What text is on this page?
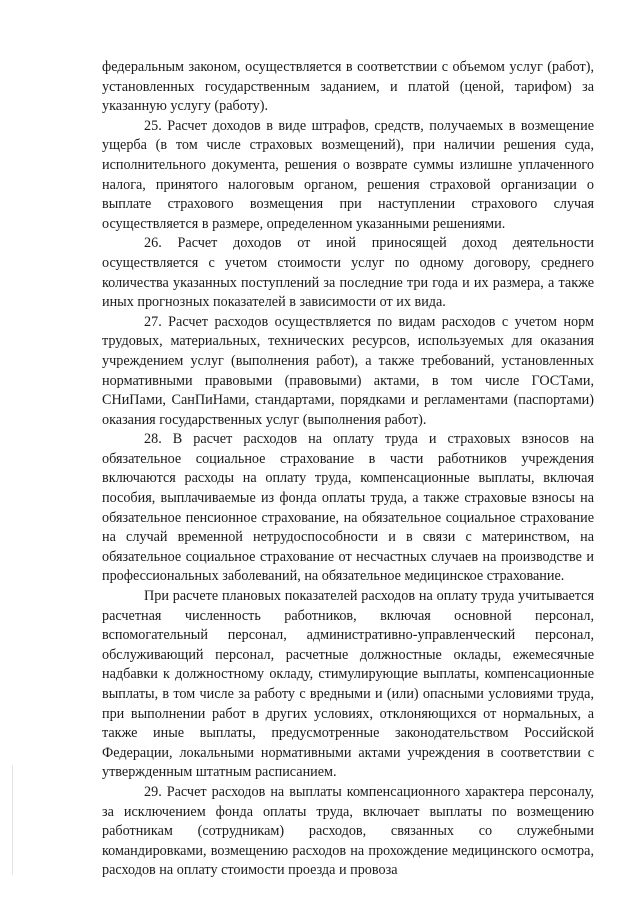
федеральным законом, осуществляется в соответствии с объемом услуг (работ), установленных государственным заданием, и платой (ценой, тарифом) за указанную услугу (работу).

25. Расчет доходов в виде штрафов, средств, получаемых в возмещение ущерба (в том числе страховых возмещений), при наличии решения суда, исполнительного документа, решения о возврате суммы излишне уплаченного налога, принятого налоговым органом, решения страховой организации о выплате страхового возмещения при наступлении страхового случая осуществляется в размере, определенном указанными решениями.

26. Расчет доходов от иной приносящей доход деятельности осуществляется с учетом стоимости услуг по одному договору, среднего количества указанных поступлений за последние три года и их размера, а также иных прогнозных показателей в зависимости от их вида.

27. Расчет расходов осуществляется по видам расходов с учетом норм трудовых, материальных, технических ресурсов, используемых для оказания учреждением услуг (выполнения работ), а также требований, установленных нормативными правовыми (правовыми) актами, в том числе ГОСТами, СНиПами, СанПиНами, стандартами, порядками и регламентами (паспортами) оказания государственных услуг (выполнения работ).

28. В расчет расходов на оплату труда и страховых взносов на обязательное социальное страхование в части работников учреждения включаются расходы на оплату труда, компенсационные выплаты, включая пособия, выплачиваемые из фонда оплаты труда, а также страховые взносы на обязательное пенсионное страхование, на обязательное социальное страхование на случай временной нетрудоспособности и в связи с материнством, на обязательное социальное страхование от несчастных случаев на производстве и профессиональных заболеваний, на обязательное медицинское страхование.

При расчете плановых показателей расходов на оплату труда учитывается расчетная численность работников, включая основной персонал, вспомогательный персонал, административно-управленческий персонал, обслуживающий персонал, расчетные должностные оклады, ежемесячные надбавки к должностному окладу, стимулирующие выплаты, компенсационные выплаты, в том числе за работу с вредными и (или) опасными условиями труда, при выполнении работ в других условиях, отклоняющихся от нормальных, а также иные выплаты, предусмотренные законодательством Российской Федерации, локальными нормативными актами учреждения в соответствии с утвержденным штатным расписанием.

29. Расчет расходов на выплаты компенсационного характера персоналу, за исключением фонда оплаты труда, включает выплаты по возмещению работникам (сотрудникам) расходов, связанных со служебными командировками, возмещению расходов на прохождение медицинского осмотра, расходов на оплату стоимости проезда и провоза
